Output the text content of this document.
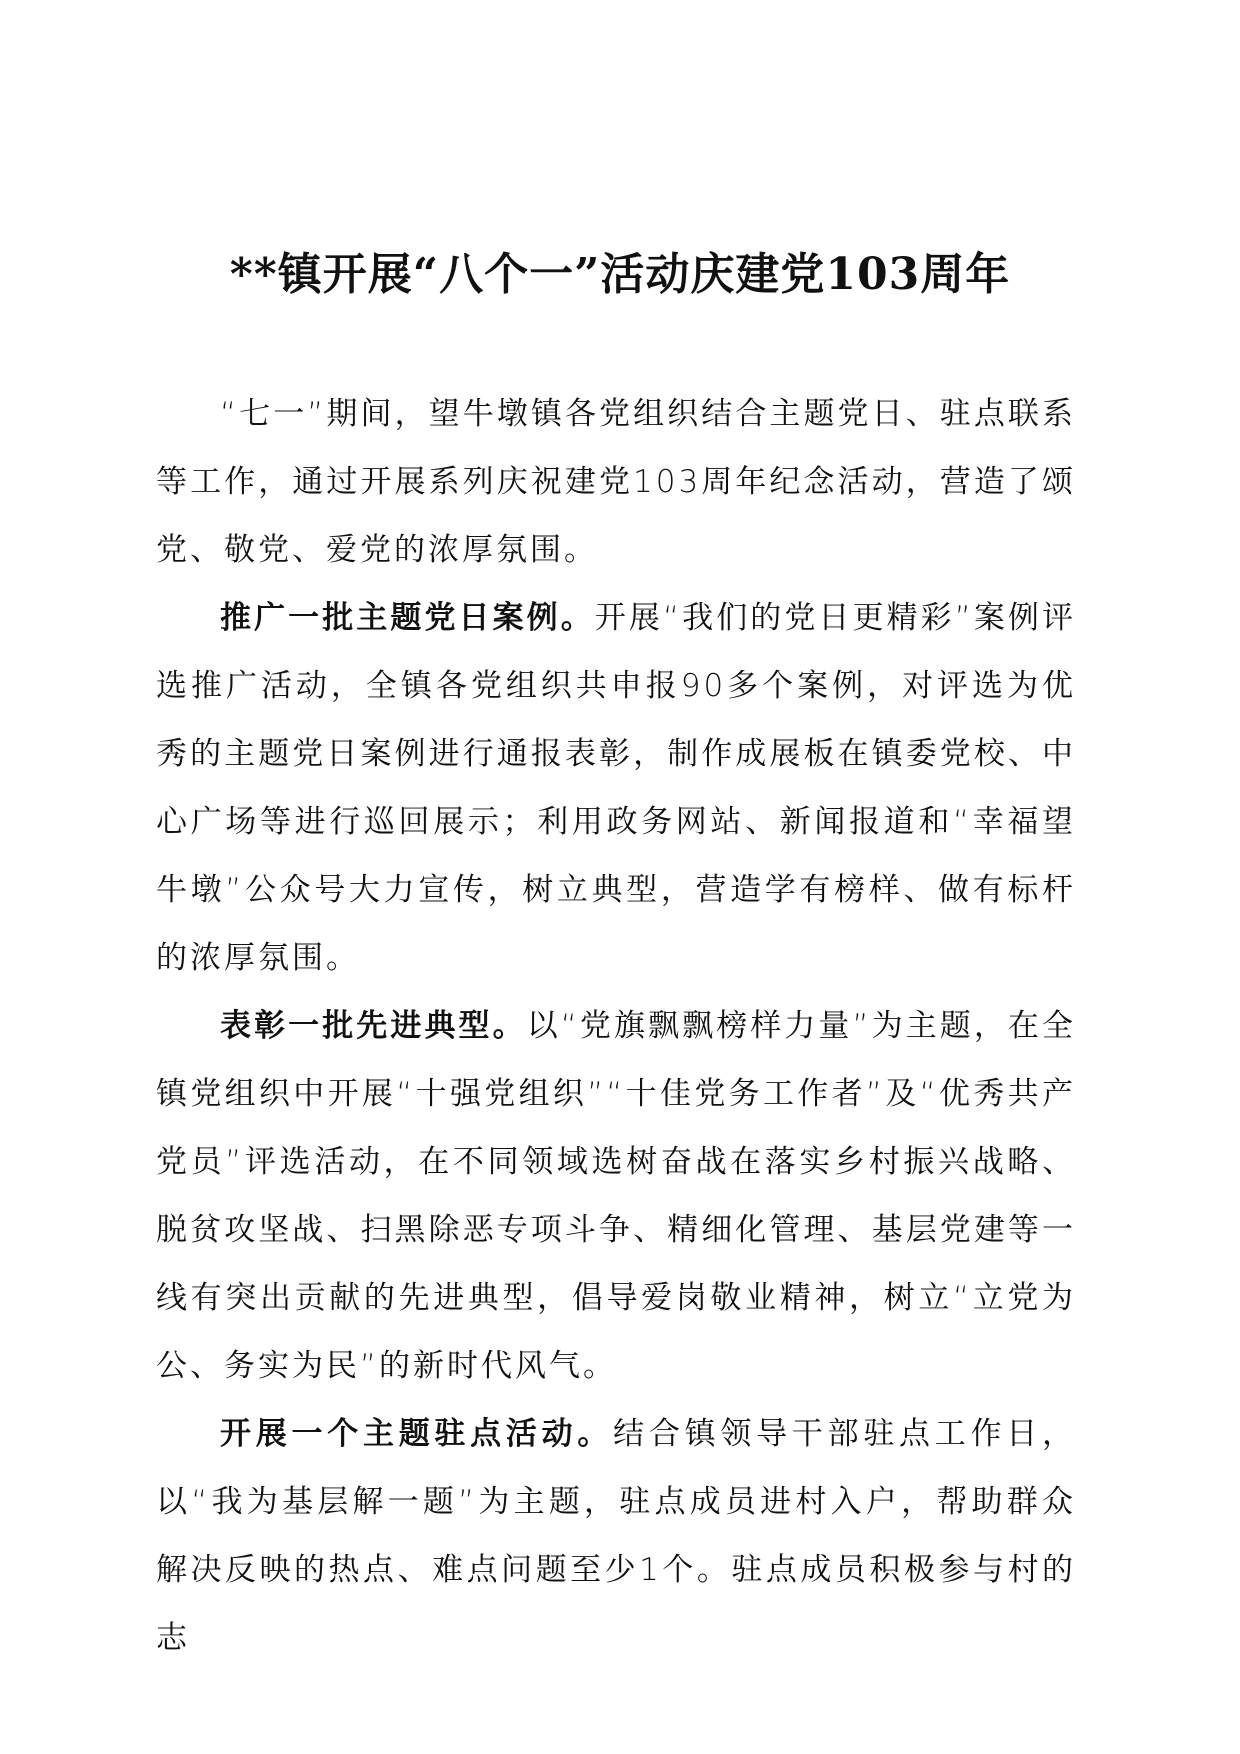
**镇开展“八个一”活动庆建党103周年

“七一”期间，望牛墩镇各党组织结合主题党日、驻点联系等工作，通过开展系列庆祝建党103周年纪念活动，营造了颂党、敬党、爱党的浓厚氛围。

推广一批主题党日案例。开展“我们的党日更精彩”案例评选推广活动，全镇各党组织共申报90多个案例，对评选为优秀的主题党日案例进行通报表彰，制作成展板在镇委党校、中心广场等进行巡回展示；利用政务网站、新闻报道和“幸福望牛墩”公众号大力宣传，树立典型，营造学有榜样、做有标杆的浓厚氛围。

表彰一批先进典型。以“党旗飘飘榜样力量”为主题，在全镇党组织中开展“十强党组织”“十佳党务工作者”及“优秀共产党员”评选活动，在不同领域选树奋战在落实乡村振兴战略、脱贫攻坚战、扫黑除恶专项斗争、精细化管理、基层党建等一线有突出贡献的先进典型，倡导爱岗敬业精神，树立“立党为公、务实为民”的新时代风气。

开展一个主题驻点活动。结合镇领导干部驻点工作日，以“我为基层解一题”为主题，驻点成员进村入户，帮助群众解决反映的热点、难点问题至少1个。驻点成员积极参与村的志
